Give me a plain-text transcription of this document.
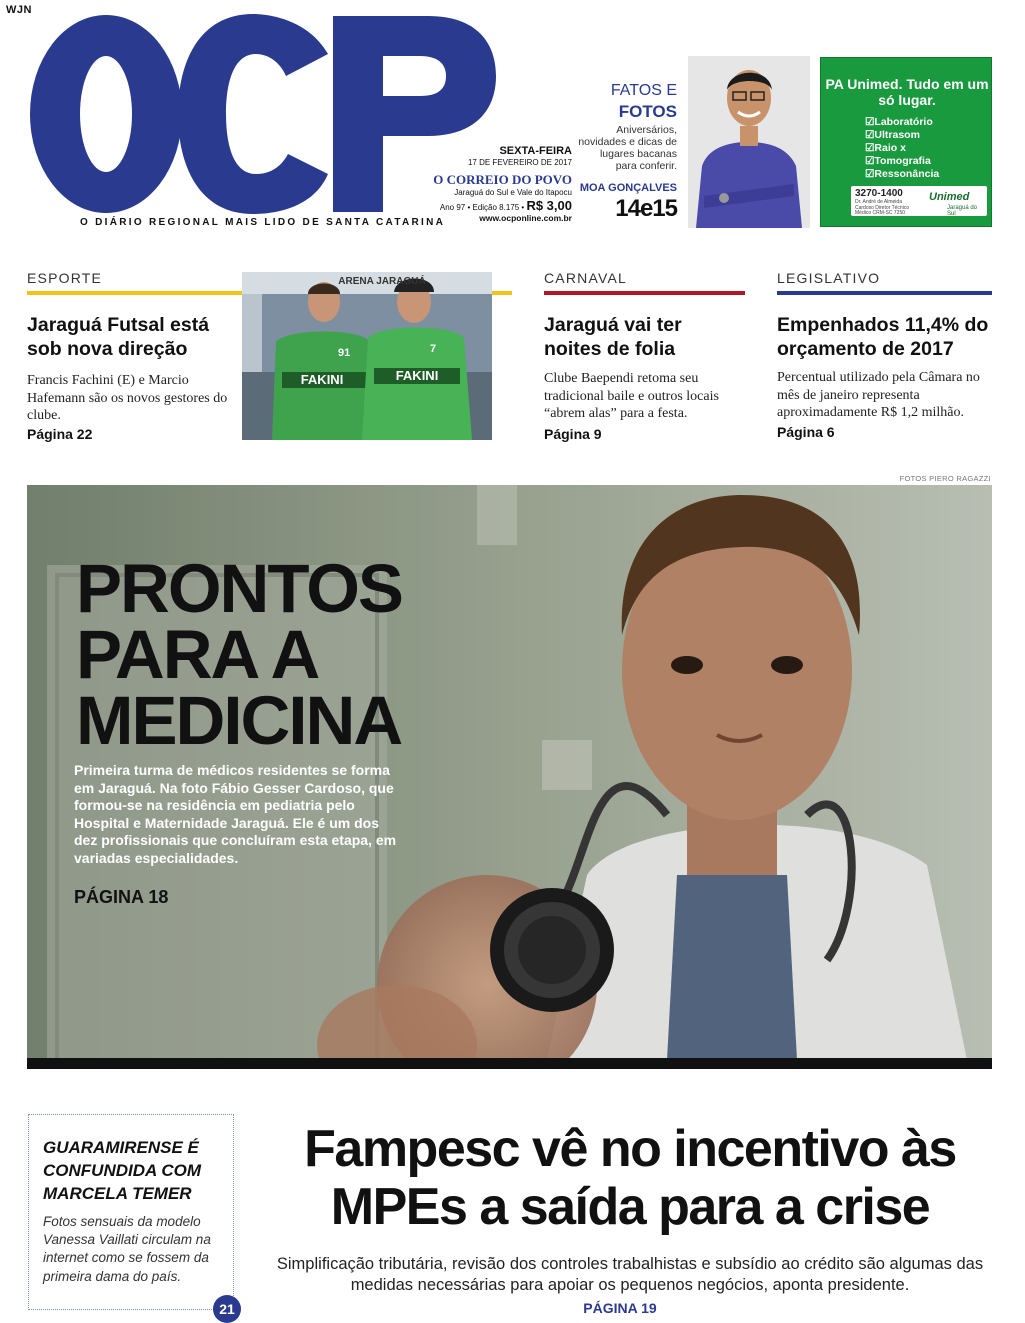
WJN
O DIÁRIO REGIONAL MAIS LIDO DE SANTA CATARINA
SEXTA-FEIRA
17 DE FEVEREIRO DE 2017
O CORREIO DO POVO
Jaraguá do Sul e Vale do Itapocu
Ano 97 • Edição 8.175 • R$ 3,00
www.ocponline.com.br
FATOS E
FOTOS
Aniversários, novidades e dicas de lugares bacanas para conferir.
MOA GONÇALVES
14e15
PA Unimed. Tudo em um só lugar.
☑ Laboratório
☑ Ultrasom
☑ Raio x
☑ Tomografia
☑ Ressonância
3270-1400
Dr. André de Almeida Cardoso Diretor Técnico Médico CRM-SC 7250
Unimed
Jaraguá do Sul
ESPORTE
Jaraguá Futsal está sob nova direção
Francis Fachini (E) e Marcio Hafemann são os novos gestores do clube.
Página 22
ARENA JARAGUÁ
FAKINI	FAKINI
91	7
CARNAVAL
Jaraguá vai ter noites de folia
Clube Baependi retoma seu tradicional baile e outros locais “abrem alas” para a festa.
Página 9
LEGISLATIVO
Empenhados 11,4% do orçamento de 2017
Percentual utilizado pela Câmara no mês de janeiro representa aproximadamente R$ 1,2 milhão.
Página 6
FOTOS PIERO RAGAZZI
PRONTOS
PARA A
MEDICINA
Primeira turma de médicos residentes se forma em Jaraguá. Na foto Fábio Gesser Cardoso, que formou-se na residência em pediatria pelo Hospital e Maternidade Jaraguá. Ele é um dos dez profissionais que concluíram esta etapa, em variadas especialidades.
PÁGINA 18
GUARAMIRENSE É CONFUNDIDA COM MARCELA TEMER
Fotos sensuais da modelo Vanessa Vaillati circulam na internet como se fossem da primeira dama do país.
21
Fampesc vê no incentivo às MPEs a saída para a crise
Simplificação tributária, revisão dos controles trabalhistas e subsídio ao crédito são algumas das medidas necessárias para apoiar os pequenos negócios, aponta presidente.
PÁGINA 19
